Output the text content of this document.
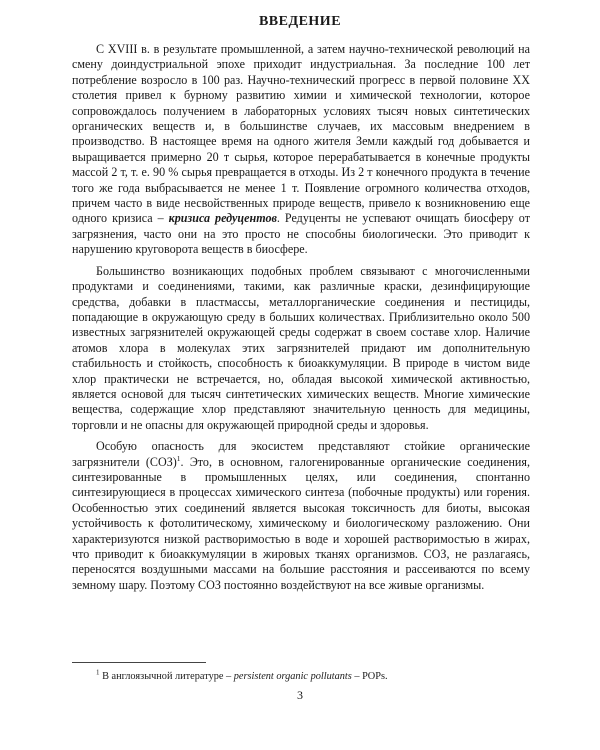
ВВЕДЕНИЕ

С XVIII в. в результате промышленной, а затем научно-технической революций на смену доиндустриальной эпохе приходит индустриальная. За последние 100 лет потребление возросло в 100 раз. Научно-технический прогресс в первой половине XX столетия привел к бурному развитию химии и химической технологии, которое сопровождалось получением в лабораторных условиях тысяч новых синтетических органических веществ и, в большинстве случаев, их массовым внедрением в производство. В настоящее время на одного жителя Земли каждый год добывается и выращивается примерно 20 т сырья, которое перерабатывается в конечные продукты массой 2 т, т. е. 90 % сырья превращается в отходы. Из 2 т конечного продукта в течение того же года выбрасывается не менее 1 т. Появление огромного количества отходов, причем часто в виде несвойственных природе веществ, привело к возникновению еще одного кризиса – кризиса редуцентов. Редуценты не успевают очищать биосферу от загрязнения, часто они на это просто не способны биологически. Это приводит к нарушению круговорота веществ в биосфере.

Большинство возникающих подобных проблем связывают с многочисленными продуктами и соединениями, такими, как различные краски, дезинфицирующие средства, добавки в пластмассы, металлорганические соединения и пестициды, попадающие в окружающую среду в больших количествах. Приблизительно около 500 известных загрязнителей окружающей среды содержат в своем составе хлор. Наличие атомов хлора в молекулах этих загрязнителей придают им дополнительную стабильность и стойкость, способность к биоаккумуляции. В природе в чистом виде хлор практически не встречается, но, обладая высокой химической активностью, является основой для тысяч синтетических химических веществ. Многие химические вещества, содержащие хлор представляют значительную ценность для медицины, торговли и не опасны для окружающей природной среды и здоровья.

Особую опасность для экосистем представляют стойкие органические загрязнители (СОЗ)$^1$. Это, в основном, галогенированные органические соединения, синтезированные в промышленных целях, или соединения, спонтанно синтезирующиеся в процессах химического синтеза (побочные продукты) или горения. Особенностью этих соединений является высокая токсичность для биоты, высокая устойчивость к фотолитическому, химическому и биологическому разложению. Они характеризуются низкой растворимостью в воде и хорошей растворимостью в жирах, что приводит к биоаккумуляции в жировых тканях организмов. СОЗ, не разлагаясь, переносятся воздушными массами на большие расстояния и рассеиваются по всему земному шару. Поэтому СОЗ постоянно воздействуют на все живые организмы.

$^1$ В англоязычной литературе – persistent organic pollutants – POPs.
3
